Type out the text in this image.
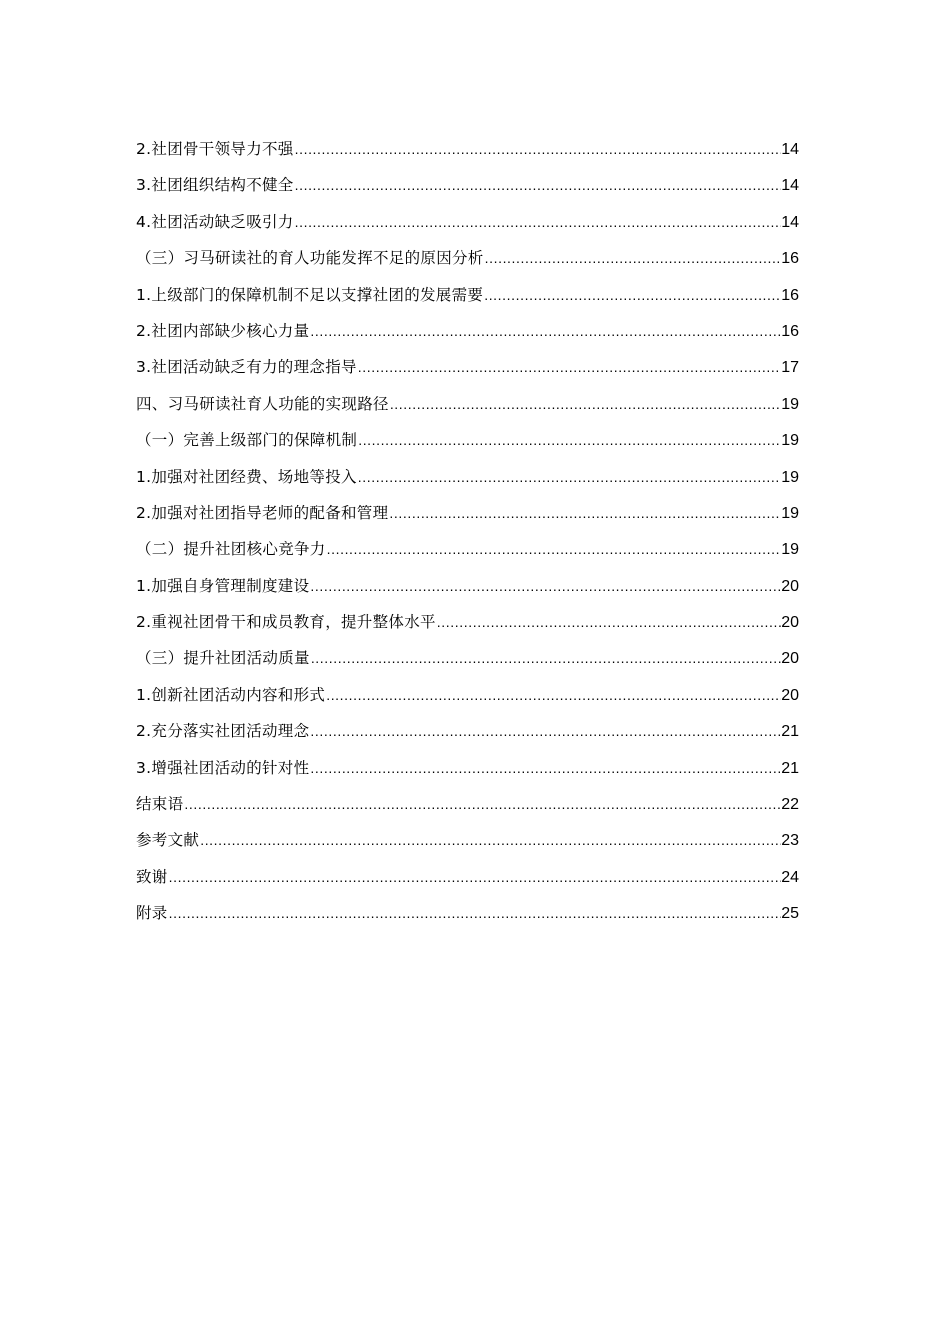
2.社团骨干领导力不强 .....	14
3.社团组织结构不健全 .....	14
4.社团活动缺乏吸引力 .....	14
（三）习马研读社的育人功能发挥不足的原因分析 .....	16
1.上级部门的保障机制不足以支撑社团的发展需要 .....	16
2.社团内部缺少核心力量 .....	16
3.社团活动缺乏有力的理念指导 .....	17
四、习马研读社育人功能的实现路径 .....	19
（一）完善上级部门的保障机制 .....	19
1.加强对社团经费、场地等投入 .....	19
2.加强对社团指导老师的配备和管理 .....	19
（二）提升社团核心竞争力 .....	19
1.加强自身管理制度建设 .....	20
2.重视社团骨干和成员教育，提升整体水平 .....	20
（三）提升社团活动质量 .....	20
1.创新社团活动内容和形式 .....	20
2.充分落实社团活动理念 .....	21
3.增强社团活动的针对性 .....	21
结束语 .....	22
参考文献 .....	23
致谢 .....	24
附录 .....	25
